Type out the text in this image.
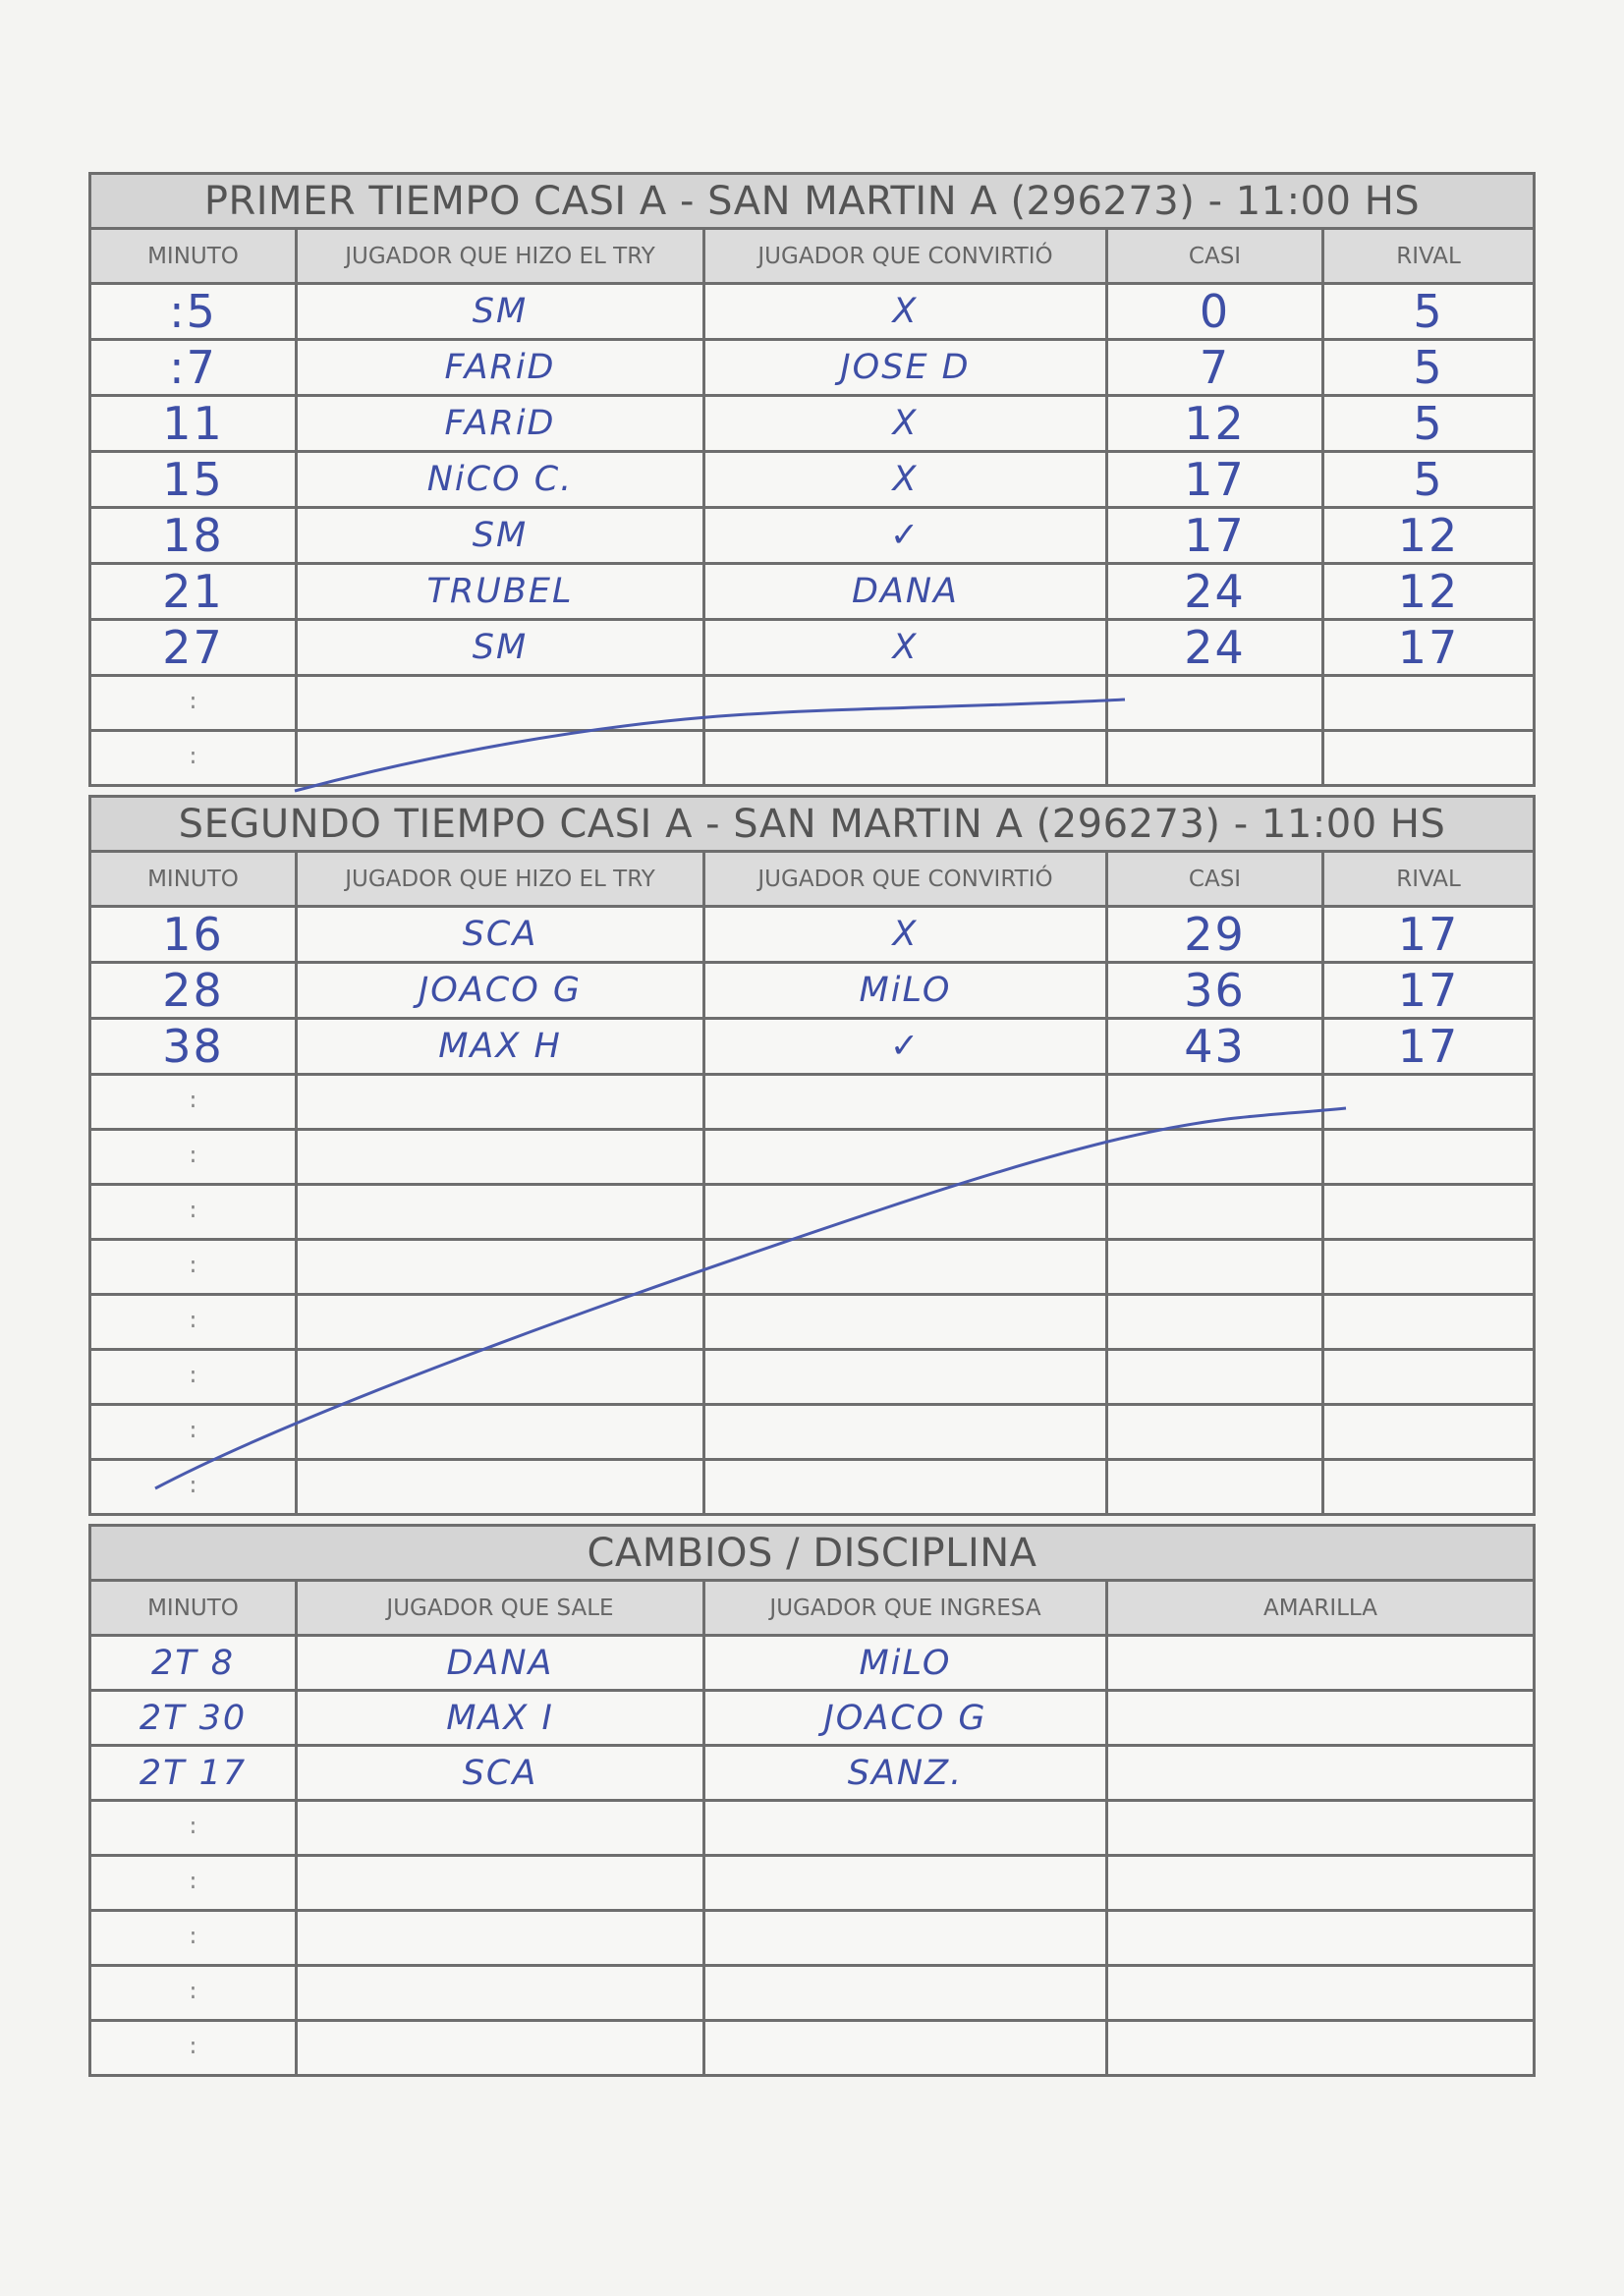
PRIMER TIEMPO CASI A - SAN MARTIN A (296273) - 11:00 HS				
MINUTO	JUGADOR QUE HIZO EL TRY	JUGADOR QUE CONVIRTIÓ	CASI	RIVAL
:5	SM	X	0	5
:7	FARiD	JOSE D	7	5
11	FARiD	X	12	5
15	NiCO C.	X	17	5
18	SM	✓	17	12
21	TRUBEL	DANA	24	12
27	SM	X	24	17
:				
:				
SEGUNDO TIEMPO CASI A - SAN MARTIN A (296273) - 11:00 HS				
MINUTO	JUGADOR QUE HIZO EL TRY	JUGADOR QUE CONVIRTIÓ	CASI	RIVAL
16	SCA	X	29	17
28	JOACO G	MiLO	36	17
38	MAX H	✓	43	17
:				
:				
:				
:				
:				
:				
:				
:				
CAMBIOS / DISCIPLINA			
MINUTO	JUGADOR QUE SALE	JUGADOR QUE INGRESA	AMARILLA
2T 8	DANA	MiLO	
2T 30	MAX I	JOACO G	
2T 17	SCA	SANZ.	
:			
:			
:			
:			
:			
